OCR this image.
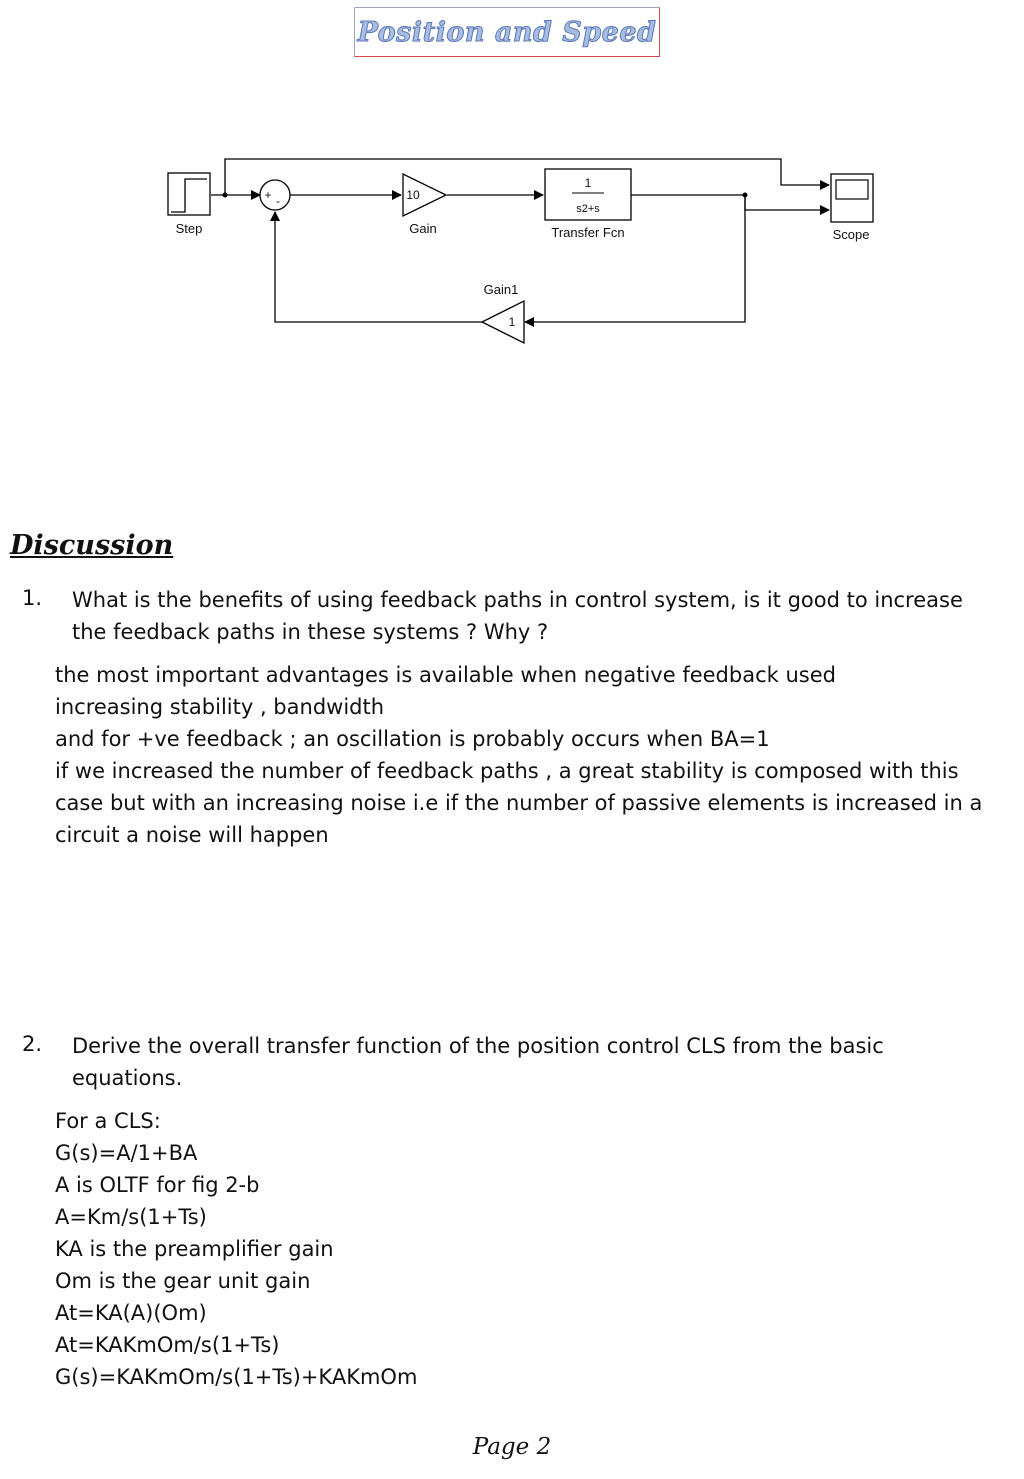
Position and Speed
Step
+ -	10
Gain
1
s2+s
Transfer Fcn	Scope
1
Gain1
Discussion
1. What is the benefits of using feedback paths in control system, is it good to increase
the feedback paths in these systems ? Why ?
the most important advantages is available when negative feedback used
increasing stability , bandwidth
and for +ve feedback ; an oscillation is probably occurs when BA=1
if we increased the number of feedback paths , a great stability is composed with this
case but with an increasing noise i.e if the number of passive elements is increased in a
circuit a noise will happen
2. Derive the overall transfer function of the position control CLS from the basic
equations.
For a CLS:
G(s)=A/1+BA
A is OLTF for fig 2-b
A=Km/s(1+Ts)
KA is the preamplifier gain
Om is the gear unit gain
At=KA(A)(Om)
At=KAKmOm/s(1+Ts)
G(s)=KAKmOm/s(1+Ts)+KAKmOm
Page 2
